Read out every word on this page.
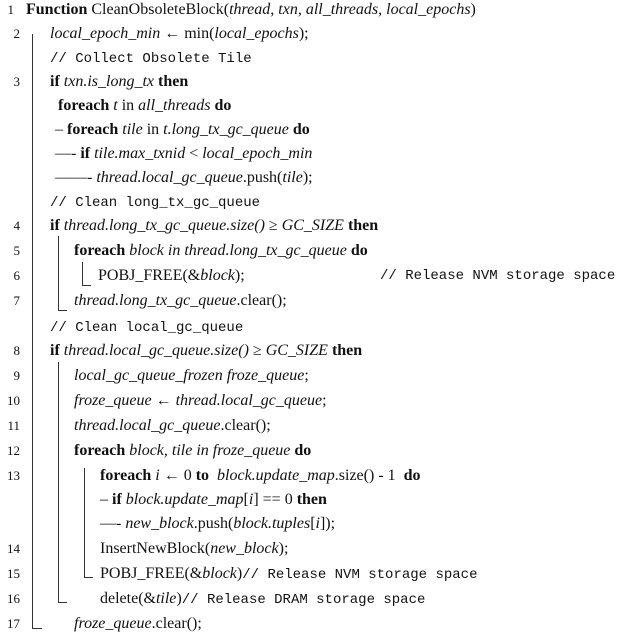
1 Function CleanObsoleteBlock(thread, txn, all_threads, local_epochs)
2 local_epoch_min ← min(local_epochs);
// Collect Obsolete Tile
3 if txn.is_long_tx then
foreach t in all_threads do
– foreach tile in t.long_tx_gc_queue do
—- if tile.max_txnid < local_epoch_min
——- thread.local_gc_queue.push(tile);
// Clean long_tx_gc_queue
4 if thread.long_tx_gc_queue.size() ≥ GC_SIZE then
5	foreach block in thread.long_tx_gc_queue do
6	POBJ_FREE(&block);	// Release NVM storage space
7	thread.long_tx_gc_queue.clear();
// Clean local_gc_queue
8 if thread.local_gc_queue.size() ≥ GC_SIZE then
9	local_gc_queue_frozen froze_queue;
10	froze_queue ← thread.local_gc_queue;
11	thread.local_gc_queue.clear();
12	foreach block, tile in froze_queue do
13	foreach i ← 0 to  block.update_map.size() - 1  do
– if block.update_map[i] == 0 then
—- new_block.push(block.tuples[i]);
14	InsertNewBlock(new_block);
15	POBJ_FREE(&block)// Release NVM storage space
16	delete(&tile)// Release DRAM storage space
17	froze_queue.clear();
